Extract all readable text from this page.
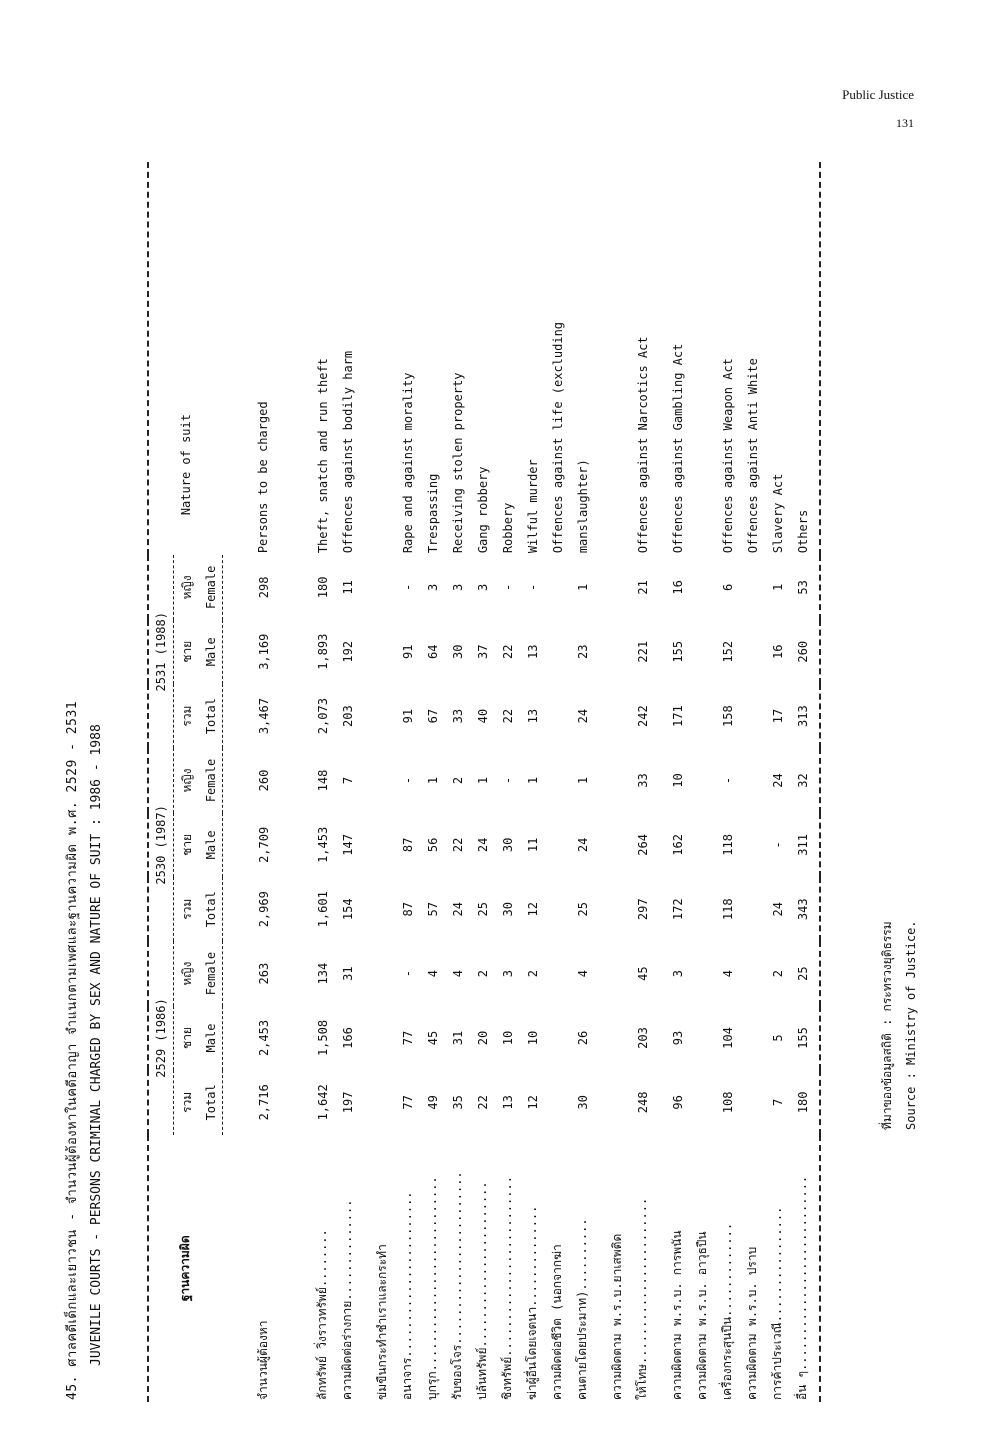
Public Justice
131
45. ศาลคดีเด็กและเยาวชน - จำนวนผู้ต้องหาในคดีอาญา จำแนกตามเพศและฐานความผิด พ.ศ. 2529 - 2531 JUVENILE COURTS - PERSONS CRIMINAL CHARGED BY SEX AND NATURE OF SUIT : 1986 - 1988	ฐานความผิด	2529 (1986)			2530 (1987)			2531 (1988)			Nature of suit
	รวม	ชาย	หญิง	รวม	ชาย	หญิง	รวม	ชาย	หญิง	
	Total	Male	Female	Total	Male	Female	Total	Male	Female	
จำนวนผู้ต้องหา	2,716	2,453	263	2,969	2,709	260	3,467	3,169	298	Persons to be charged
ลักทรัพย์ วิ่งราวทรัพย์........	1,642	1,508	134	1,601	1,453	148	2,073	1,893	180	Theft, snatch and run theft
ความผิดต่อร่างกาย..............	197	166	31	154	147	7	203	192	11	Offences against bodily harm
ข่มขืนกระทำชำเราและกระทำ										
อนาจาร.......................	77	77	-	87	87	-	91	91	-	Rape and against morality
บุกรุก...........................	49	45	4	57	56	1	67	64	3	Trespassing
รับของโจร........................	35	31	4	24	22	2	33	30	3	Receiving stolen property
ปล้นทรัพย์.......................	22	20	2	25	24	1	40	37	3	Gang robbery
ชิงทรัพย์.........................	13	10	3	30	30	-	22	22	-	Robbery
ฆ่าผู้อื่นโดยเจตนา..............	12	10	2	12	11	1	13	13	-	Wilful murder
ความผิดต่อชีวิต (นอกจากฆ่า										Offences against life (excluding
คนตายโดยประมาท)..........	30	26	4	25	24	1	24	23	1	manslaughter)
ความผิดตาม พ.ร.บ.ยาเสพติด										
ให้โทษ.......................	248	203	45	297	264	33	242	221	21	Offences against Narcotics Act
ความผิดตาม พ.ร.บ. การพนัน	96	93	3	172	162	10	171	155	16	Offences against Gambling Act
ความผิดตาม พ.ร.บ. อาวุธปืน										
เครื่องกระสุนปืน.............	108	104	4	118	118	-	158	152	6	Offences against Weapon Act
ความผิดตาม พ.ร.บ. ปราบ										Offences against Anti White
การค้าประเวณี................	7	5	2	24	-	24	17	16	1	Slavery Act
อื่น ๆ...........................	180	155	25	343	311	32	313	260	53	Others
ที่มาของข้อมูลสถิติ : กระทรวงยุติธรรม Source : Ministry of Justice.
